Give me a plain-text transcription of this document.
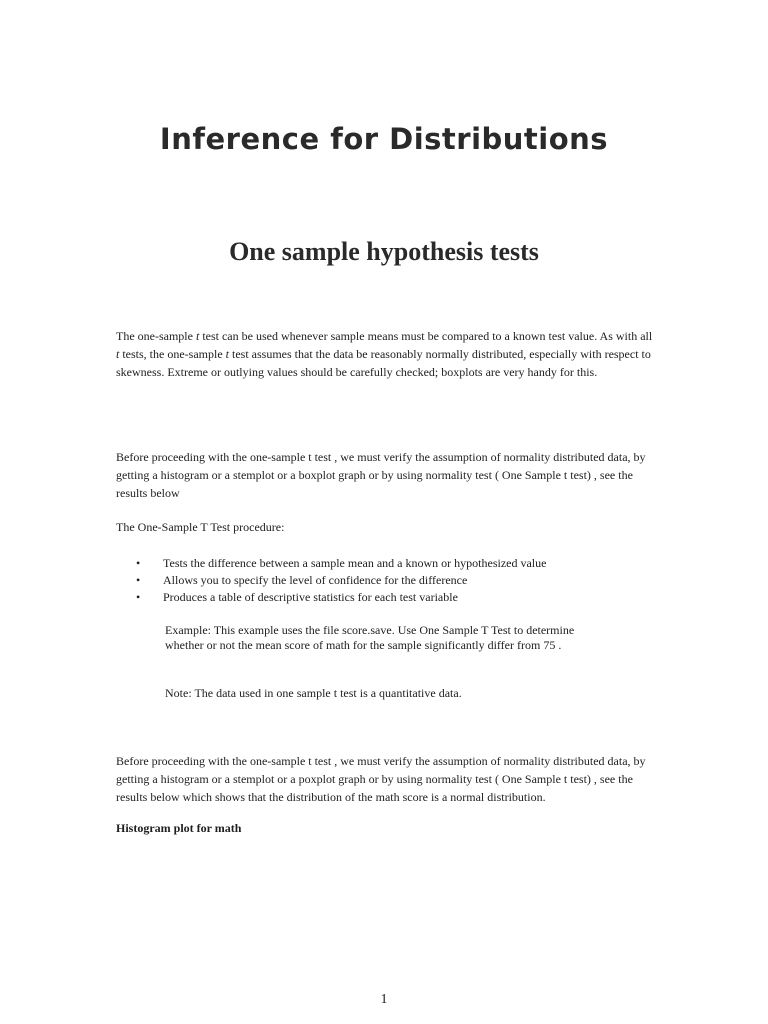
Inference for Distributions
One sample hypothesis tests

The one-sample t test can be used whenever sample means must be compared to a known test value. As with all t tests, the one-sample t test assumes that the data be reasonably normally distributed, especially with respect to skewness. Extreme or outlying values should be carefully checked; boxplots are very handy for this.

Before proceeding with the one-sample t test , we must verify the assumption of normality distributed data, by getting a histogram or a stemplot or a boxplot graph or by using normality test ( One Sample t test) , see the results below

The One-Sample T Test procedure:

• Tests the difference between a sample mean and a known or hypothesized value
• Allows you to specify the level of confidence for the difference
• Produces a table of descriptive statistics for each test variable

Example: This example uses the file score.save. Use One Sample T Test to determine whether or not the mean score of math for the sample significantly differ from 75 .

Note: The data used in one sample t test is a quantitative data.

Before proceeding with the one-sample t test , we must verify the assumption of normality distributed data, by getting a histogram or a stemplot or a poxplot graph or by using normality test ( One Sample t test) , see the results below which shows that the distribution of the math score is a normal distribution.

Histogram plot for math

1
